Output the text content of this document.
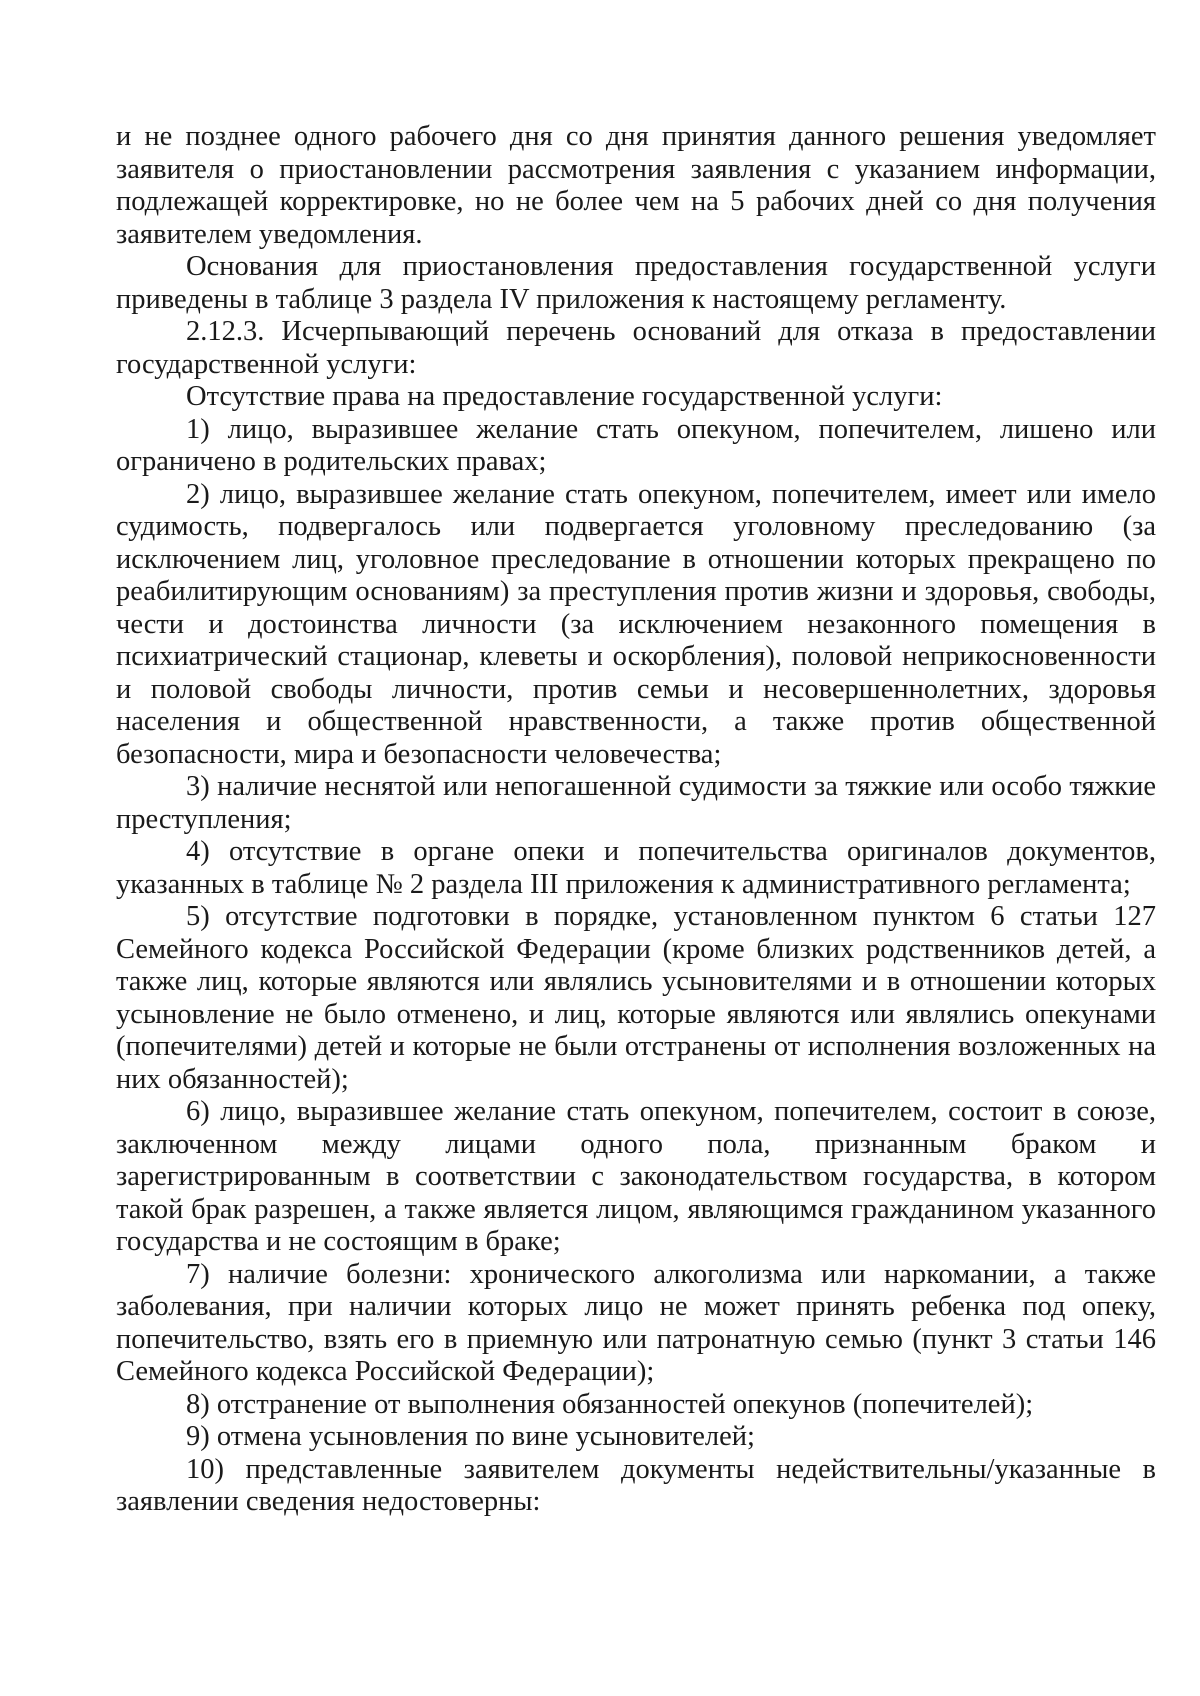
и не позднее одного рабочего дня со дня принятия данного решения уведомляет заявителя о приостановлении рассмотрения заявления с указанием информации, подлежащей корректировке, но не более чем на 5 рабочих дней со дня получения заявителем уведомления.

Основания для приостановления предоставления государственной услуги приведены в таблице 3 раздела IV приложения к настоящему регламенту.

2.12.3. Исчерпывающий перечень оснований для отказа в предоставлении государственной услуги:

Отсутствие права на предоставление государственной услуги:

1) лицо, выразившее желание стать опекуном, попечителем, лишено или ограничено в родительских правах;

2) лицо, выразившее желание стать опекуном, попечителем, имеет или имело судимость, подвергалось или подвергается уголовному преследованию (за исключением лиц, уголовное преследование в отношении которых прекращено по реабилитирующим основаниям) за преступления против жизни и здоровья, свободы, чести и достоинства личности (за исключением незаконного помещения в психиатрический стационар, клеветы и оскорбления), половой неприкосновенности и половой свободы личности, против семьи и несовершеннолетних, здоровья населения и общественной нравственности, а также против общественной безопасности, мира и безопасности человечества;

3) наличие неснятой или непогашенной судимости за тяжкие или особо тяжкие преступления;

4) отсутствие в органе опеки и попечительства оригиналов документов, указанных в таблице № 2 раздела III приложения к административного регламента;

5) отсутствие подготовки в порядке, установленном пунктом 6 статьи 127 Семейного кодекса Российской Федерации (кроме близких родственников детей, а также лиц, которые являются или являлись усыновителями и в отношении которых усыновление не было отменено, и лиц, которые являются или являлись опекунами (попечителями) детей и которые не были отстранены от исполнения возложенных на них обязанностей);

6) лицо, выразившее желание стать опекуном, попечителем, состоит в союзе, заключенном между лицами одного пола, признанным браком и зарегистрированным в соответствии с законодательством государства, в котором такой брак разрешен, а также является лицом, являющимся гражданином указанного государства и не состоящим в браке;

7) наличие болезни: хронического алкоголизма или наркомании, а также заболевания, при наличии которых лицо не может принять ребенка под опеку, попечительство, взять его в приемную или патронатную семью (пункт 3 статьи 146 Семейного кодекса Российской Федерации);

8) отстранение от выполнения обязанностей опекунов (попечителей);

9) отмена усыновления по вине усыновителей;

10) представленные заявителем документы недействительны/указанные в заявлении сведения недостоверны:
